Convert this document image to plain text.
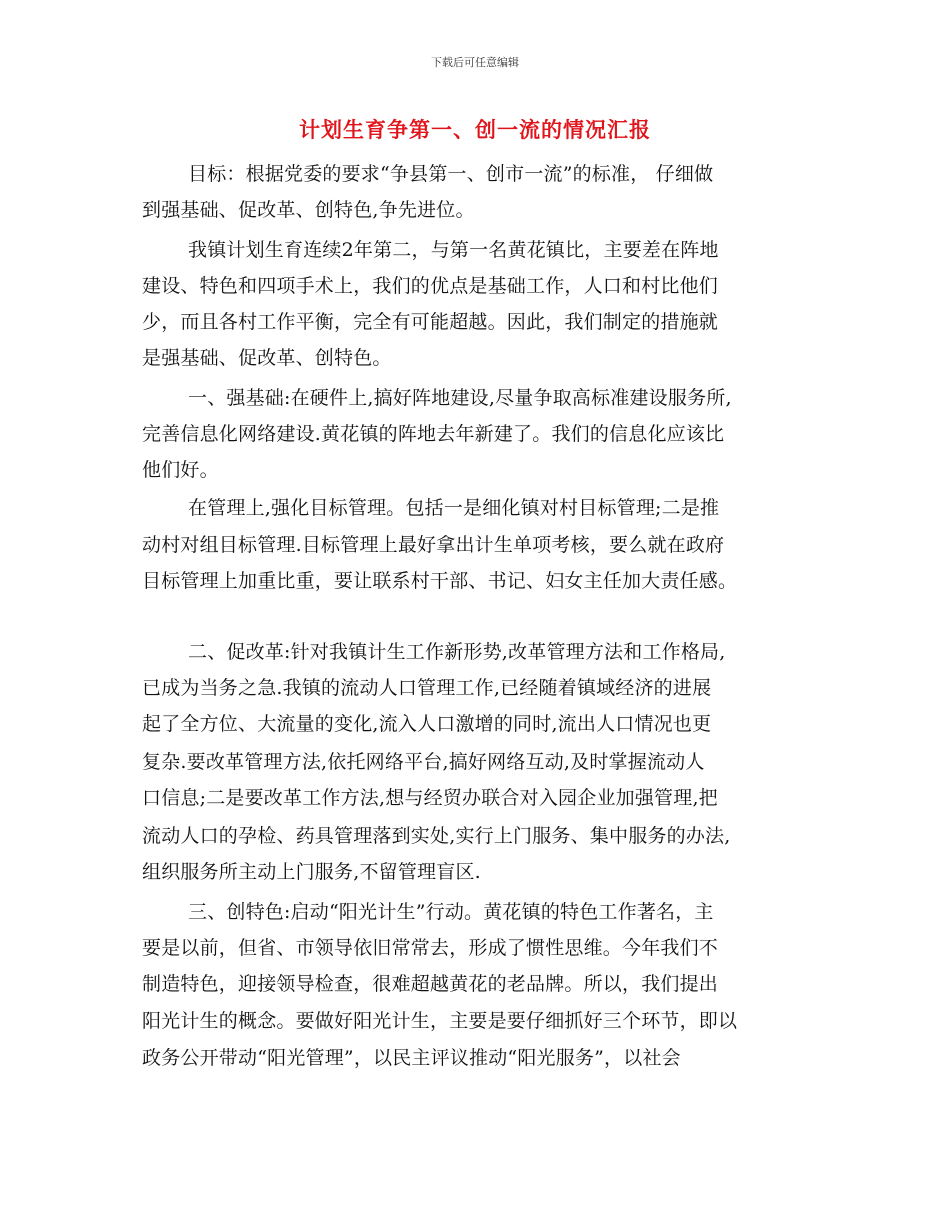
下载后可任意编辑
计划生育争第一、创一流的情况汇报
目标：根据党委的要求“争县第一、创市一流”的标准， 仔细做
到强基础、促改革、创特色,争先进位。
我镇计划生育连续2年第二，与第一名黄花镇比，主要差在阵地
建设、特色和四项手术上，我们的优点是基础工作，人口和村比他们
少，而且各村工作平衡，完全有可能超越。因此，我们制定的措施就
是强基础、促改革、创特色。
一、强基础:在硬件上,搞好阵地建设,尽量争取高标准建设服务所,
完善信息化网络建设.黄花镇的阵地去年新建了。我们的信息化应该比
他们好。
在管理上,强化目标管理。包括一是细化镇对村目标管理;二是推
动村对组目标管理.目标管理上最好拿出计生单项考核，要么就在政府
目标管理上加重比重，要让联系村干部、书记、妇女主任加大责任感。
二、促改革:针对我镇计生工作新形势,改革管理方法和工作格局,
已成为当务之急.我镇的流动人口管理工作,已经随着镇域经济的进展
起了全方位、大流量的变化,流入人口激增的同时,流出人口情况也更
复杂.要改革管理方法,依托网络平台,搞好网络互动,及时掌握流动人
口信息;二是要改革工作方法,想与经贸办联合对入园企业加强管理,把
流动人口的孕检、药具管理落到实处,实行上门服务、集中服务的办法,
组织服务所主动上门服务,不留管理盲区.
三、创特色:启动“阳光计生”行动。黄花镇的特色工作著名，主
要是以前，但省、市领导依旧常常去，形成了惯性思维。今年我们不
制造特色，迎接领导检查，很难超越黄花的老品牌。所以，我们提出
阳光计生的概念。要做好阳光计生，主要是要仔细抓好三个环节，即以
政务公开带动“阳光管理”，以民主评议推动“阳光服务”，以社会
